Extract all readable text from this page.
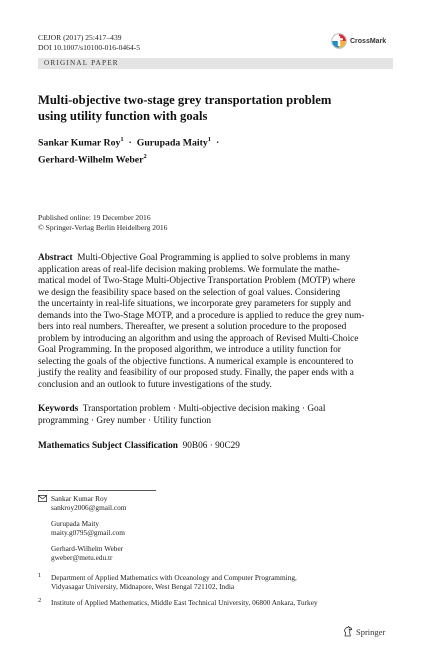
CEJOR (2017) 25:417–439
DOI 10.1007/s10100-016-0464-5
CrossMark
ORIGINAL PAPER
Multi-objective two-stage grey transportation problem
using utility function with goals
Sankar Kumar Roy$^1$ · Gurupada Maity$^1$ ·
Gerhard-Wilhelm Weber$^2$
Published online: 19 December 2016
© Springer-Verlag Berlin Heidelberg 2016
Abstract Multi-Objective Goal Programming is applied to solve problems in many
application areas of real-life decision making problems. We formulate the mathe-
matical model of Two-Stage Multi-Objective Transportation Problem (MOTP) where
we design the feasibility space based on the selection of goal values. Considering
the uncertainty in real-life situations, we incorporate grey parameters for supply and
demands into the Two-Stage MOTP, and a procedure is applied to reduce the grey num-
bers into real numbers. Thereafter, we present a solution procedure to the proposed
problem by introducing an algorithm and using the approach of Revised Multi-Choice
Goal Programming. In the proposed algorithm, we introduce a utility function for
selecting the goals of the objective functions. A numerical example is encountered to
justify the reality and feasibility of our proposed study. Finally, the paper ends with a
conclusion and an outlook to future investigations of the study.
Keywords Transportation problem · Multi-objective decision making · Goal
programming · Grey number · Utility function
Mathematics Subject Classification 90B06 · 90C29
Sankar Kumar Roy
sankroy2006@gmail.com
Gurupada Maity
maity.g0795@gmail.com
Gerhard-Wilhelm Weber
gweber@metu.edu.tr
1 Department of Applied Mathematics with Oceanology and Computer Programming,
Vidyasagar University, Midnapore, West Bengal 721102, India
2 Institute of Applied Mathematics, Middle East Technical University, 06800 Ankara, Turkey
Springer
